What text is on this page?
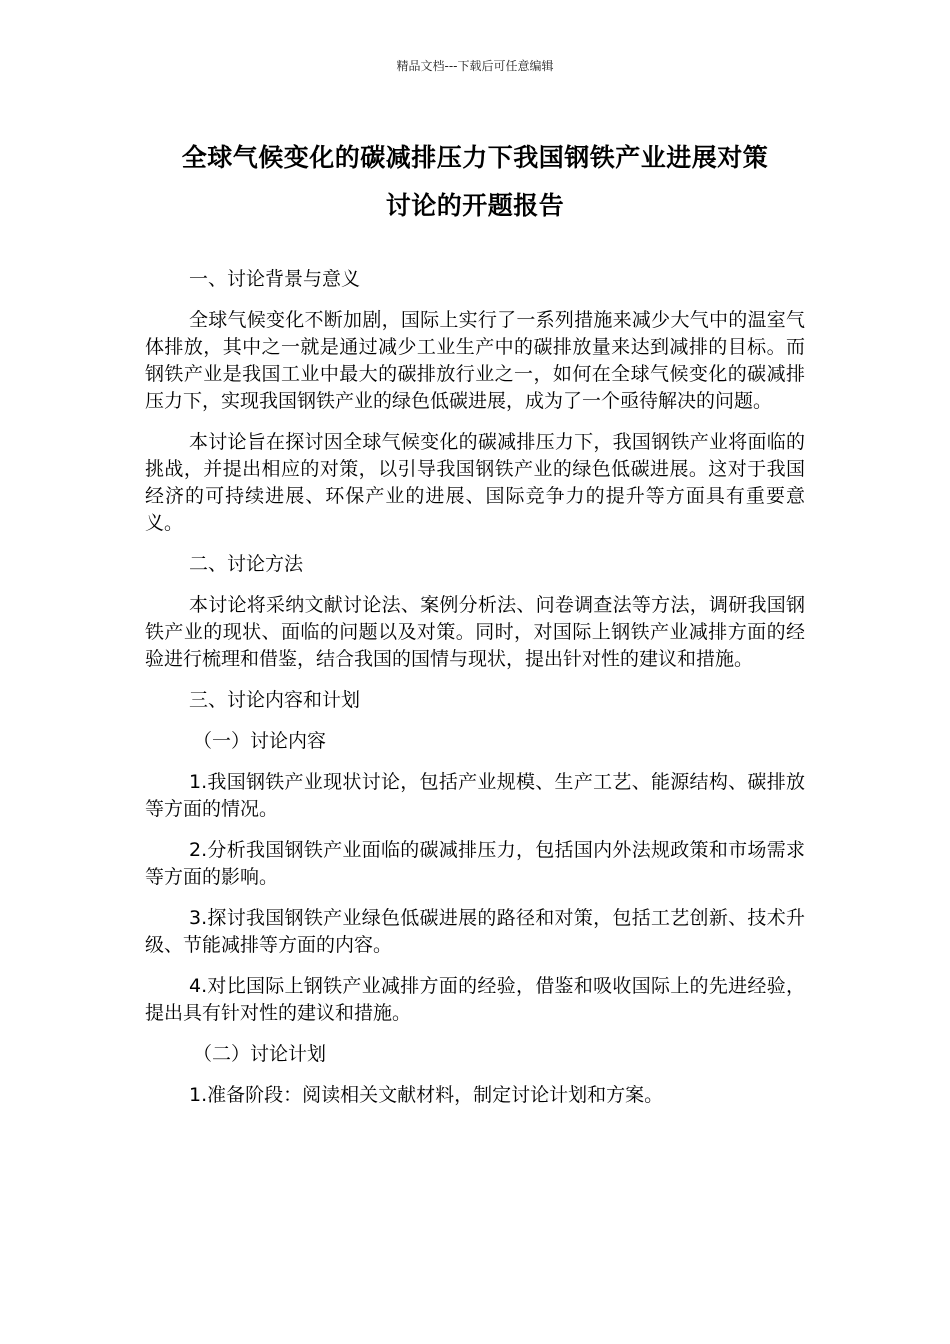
精品文档---下载后可任意编辑
全球气候变化的碳减排压力下我国钢铁产业进展对策
讨论的开题报告

一、讨论背景与意义

全球气候变化不断加剧，国际上实行了一系列措施来减少大气中的温室气体排放，其中之一就是通过减少工业生产中的碳排放量来达到减排的目标。而钢铁产业是我国工业中最大的碳排放行业之一，如何在全球气候变化的碳减排压力下，实现我国钢铁产业的绿色低碳进展，成为了一个亟待解决的问题。

本讨论旨在探讨因全球气候变化的碳减排压力下，我国钢铁产业将面临的挑战，并提出相应的对策，以引导我国钢铁产业的绿色低碳进展。这对于我国经济的可持续进展、环保产业的进展、国际竞争力的提升等方面具有重要意义。

二、讨论方法

本讨论将采纳文献讨论法、案例分析法、问卷调查法等方法，调研我国钢铁产业的现状、面临的问题以及对策。同时，对国际上钢铁产业减排方面的经验进行梳理和借鉴，结合我国的国情与现状，提出针对性的建议和措施。

三、讨论内容和计划

（一）讨论内容

1.我国钢铁产业现状讨论，包括产业规模、生产工艺、能源结构、碳排放等方面的情况。

2.分析我国钢铁产业面临的碳减排压力，包括国内外法规政策和市场需求等方面的影响。

3.探讨我国钢铁产业绿色低碳进展的路径和对策，包括工艺创新、技术升级、节能减排等方面的内容。

4.对比国际上钢铁产业减排方面的经验，借鉴和吸收国际上的先进经验，提出具有针对性的建议和措施。

（二）讨论计划

1.准备阶段：阅读相关文献材料，制定讨论计划和方案。
